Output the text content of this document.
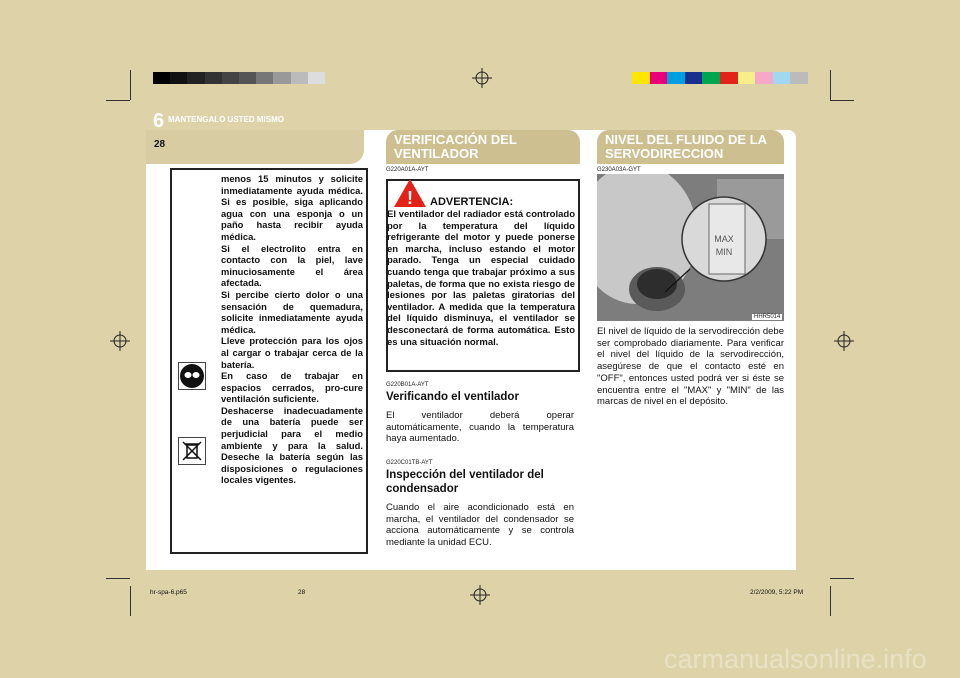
6 MANTENGALO USTED MISMO
28

menos 15 minutos y solicite inmediatamente ayuda médica. Si es posible, siga aplicando agua con una esponja o un paño hasta recibir ayuda médica.

Si el electrolito entra en contacto con la piel, lave minuciosamente el área afectada.

Si percibe cierto dolor o una sensación de quemadura, solicite inmediatamente ayuda médica.

Lleve protección para los ojos al cargar o trabajar cerca de la batería.

En caso de trabajar en espacios cerrados, pro-cure ventilación suficiente.

Deshacerse inadecuadamente de una batería puede ser perjudicial para el medio ambiente y para la salud. Deseche la batería según las disposiciones o regulaciones locales vigentes.

VERIFICACIÓN DEL
VENTILADOR
G220A01A-AYT
! ADVERTENCIA:
El ventilador del radiador está controlado por la temperatura del líquido refrigerante del motor y puede ponerse en marcha, incluso estando el motor parado. Tenga un especial cuidado cuando tenga que trabajar próximo a sus paletas, de forma que no exista riesgo de lesiones por las paletas giratorias del ventilador. A medida que la temperatura del líquido disminuya, el ventilador se desconectará de forma automática. Esto es una situación normal.
G220B01A-AYT
Verificando el ventilador
El ventilador deberá operar automáticamente, cuando la temperatura haya aumentado.
G220C01TB-AYT
Inspección del ventilador del condensador
Cuando el aire acondicionado está en marcha, el ventilador del condensador se acciona automáticamente y se controla mediante la unidad ECU.
NIVEL DEL FLUIDO DE LA
SERVODIRECCION
G230A03A-GYT
MAX
MIN
HHR5014
El nivel de líquido de la servodirección debe ser comprobado diariamente. Para verificar el nivel del líquido de la servodirección, asegúrese de que el contacto esté en "OFF", entonces usted podrá ver si éste se encuentra entre el "MAX" y "MIN" de las marcas de nivel en el depósito.
hr-spa-6.p65	28	2/2/2009, 5:22 PM
carmanualsonline.info
